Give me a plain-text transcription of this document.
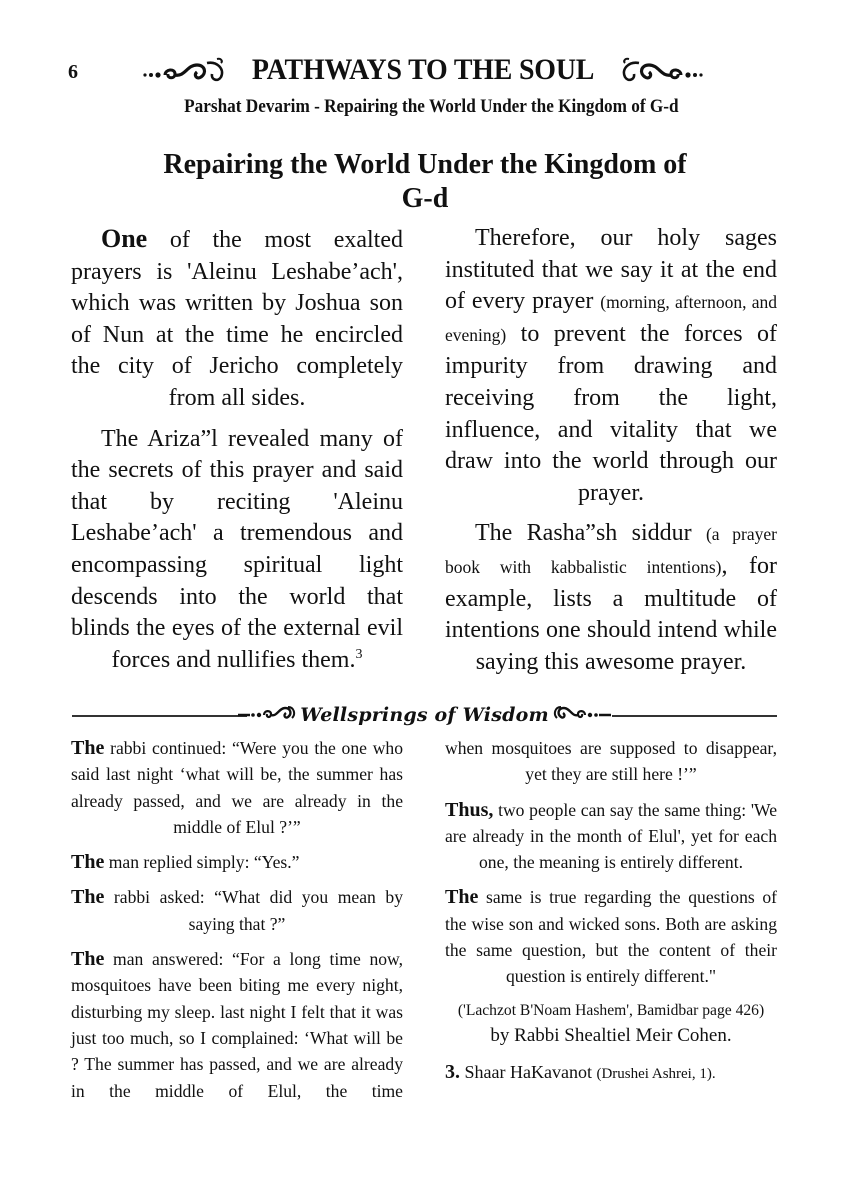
6	PATHWAYS TO THE SOUL
Parshat Devarim - Repairing the World Under the Kingdom of G-d
Repairing the World Under the Kingdom of
G-d

One of the most exalted prayers is 'Aleinu Leshabe’ach', which was written by Joshua son of Nun at the time he encircled the city of Jericho completely from all sides.

The Ariza”l revealed many of the secrets of this prayer and said that by reciting 'Aleinu Leshabe’ach' a tremendous and encompassing spiritual light descends into the world that blinds the eyes of the external evil forces and nullifies them.$^3$

Therefore, our holy sages instituted that we say it at the end of every prayer (morning, afternoon, and evening) to prevent the forces of impurity from drawing and receiving from the light, influence, and vitality that we draw into the world through our prayer.

The Rasha”sh siddur (a prayer book with kabbalistic intentions), for example, lists a multitude of intentions one should intend while saying this awesome prayer.

Wellsprings of Wisdom

The rabbi continued: “Were you the one who said last night ‘what will be, the summer has already passed, and we are already in the middle of Elul ?’”

The man replied simply: “Yes.”

The rabbi asked: “What did you mean by saying that ?”

The man answered: “For a long time now, mosquitoes have been biting me every night, disturbing my sleep. last night I felt that it was just too much, so I complained: ‘What will be ? The summer has passed, and we are already in the middle of Elul, the time

when mosquitoes are supposed to disappear, yet they are still here !’”

Thus, two people can say the same thing: 'We are already in the month of Elul', yet for each one, the meaning is entirely different.

The same is true regarding the questions of the wise son and wicked sons. Both are asking the same question, but the content of their question is entirely different."

('Lachzot B'Noam Hashem', Bamidbar page 426)

by Rabbi Shealtiel Meir Cohen.

3. Shaar HaKavanot (Drushei Ashrei, 1).
